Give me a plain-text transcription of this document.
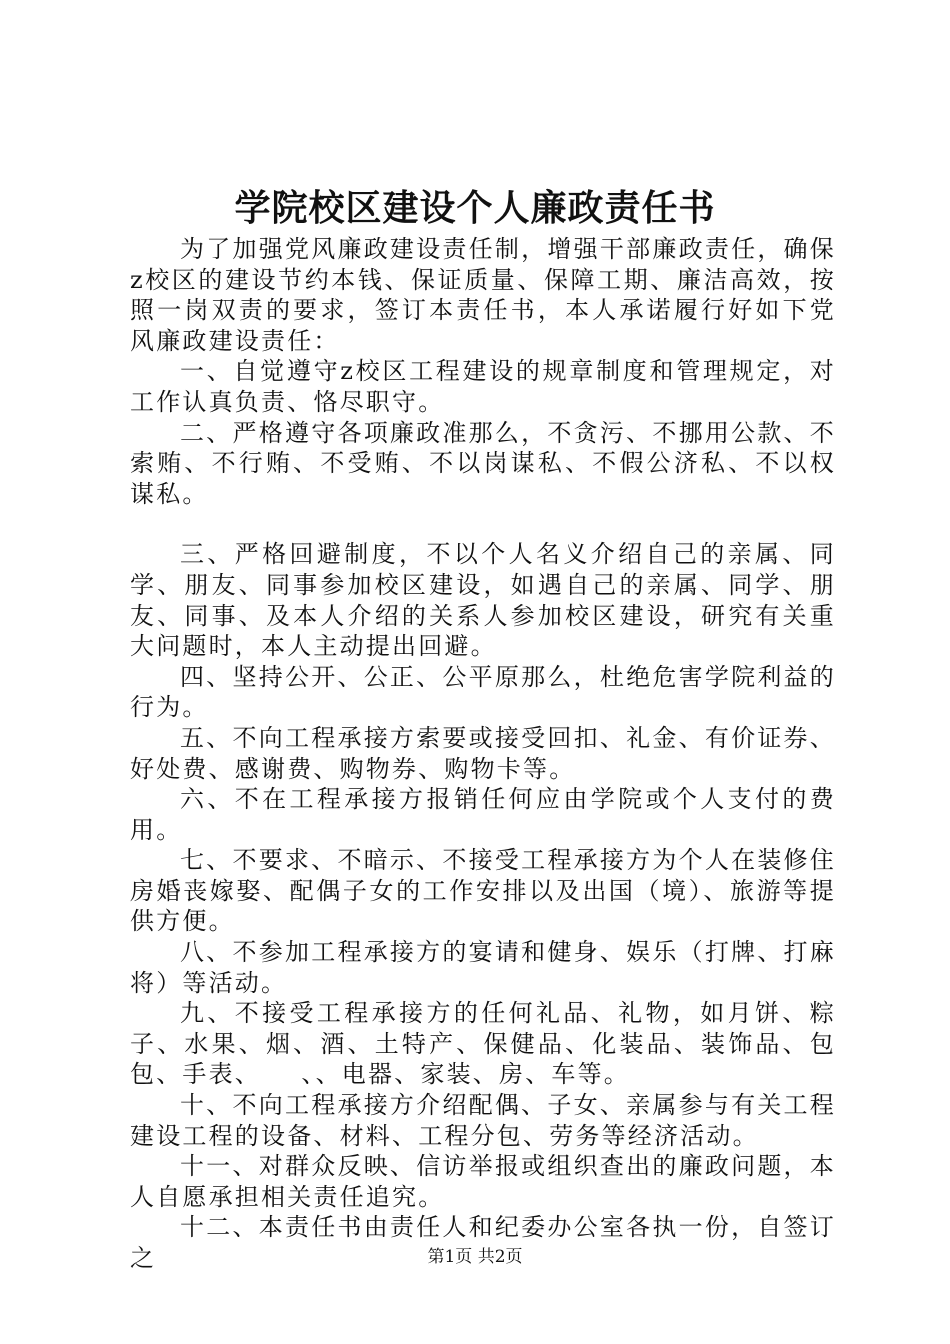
学院校区建设个人廉政责任书

为了加强党风廉政建设责任制，增强干部廉政责任，确保z校区的建设节约本钱、保证质量、保障工期、廉洁高效，按照一岗双责的要求，签订本责任书，本人承诺履行好如下党风廉政建设责任：

一、自觉遵守z校区工程建设的规章制度和管理规定，对工作认真负责、恪尽职守。

二、严格遵守各项廉政准那么，不贪污、不挪用公款、不索贿、不行贿、不受贿、不以岗谋私、不假公济私、不以权谋私。

三、严格回避制度，不以个人名义介绍自己的亲属、同学、朋友、同事参加校区建设，如遇自己的亲属、同学、朋友、同事、及本人介绍的关系人参加校区建设，研究有关重大问题时，本人主动提出回避。

四、坚持公开、公正、公平原那么，杜绝危害学院利益的行为。

五、不向工程承接方索要或接受回扣、礼金、有价证券、好处费、感谢费、购物券、购物卡等。

六、不在工程承接方报销任何应由学院或个人支付的费用。

七、不要求、不暗示、不接受工程承接方为个人在装修住房婚丧嫁娶、配偶子女的工作安排以及出国（境）、旅游等提供方便。

八、不参加工程承接方的宴请和健身、娱乐（打牌、打麻将）等活动。

九、不接受工程承接方的任何礼品、礼物，如月饼、粽子、水果、烟、酒、土特产、保健品、化装品、装饰品、包包、手表、　　、、电器、家装、房、车等。

十、不向工程承接方介绍配偶、子女、亲属参与有关工程建设工程的设备、材料、工程分包、劳务等经济活动。

十一、对群众反映、信访举报或组织查出的廉政问题，本人自愿承担相关责任追究。

十二、本责任书由责任人和纪委办公室各执一份，自签订之	第1页 共2页
